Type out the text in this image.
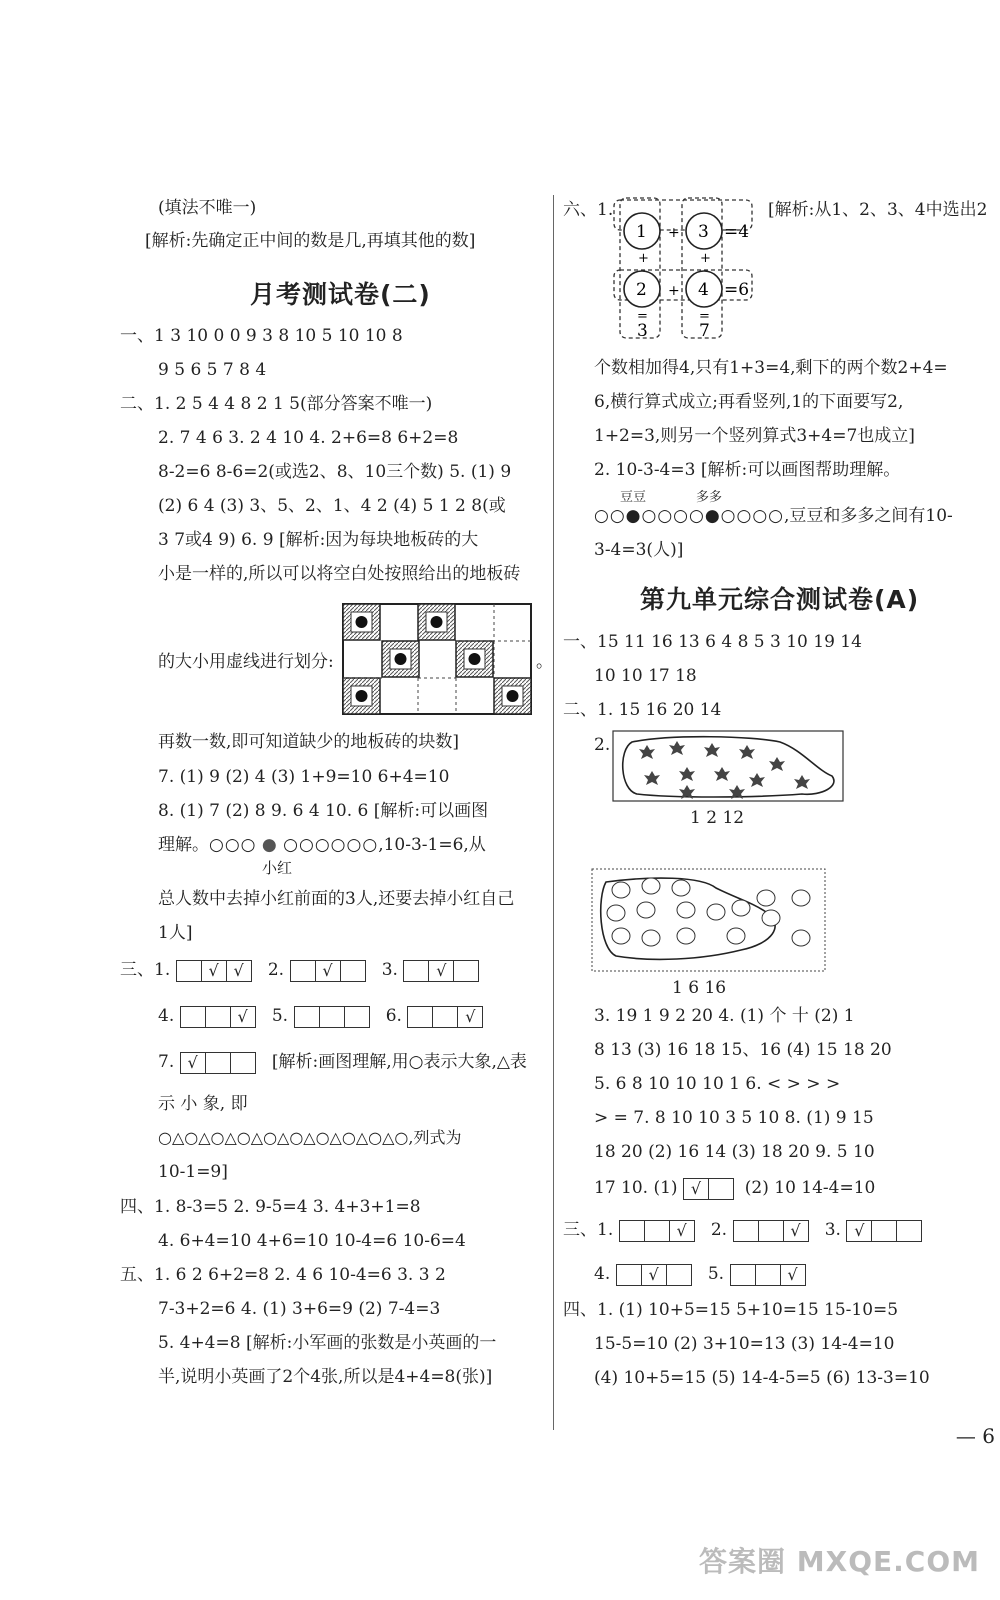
(填法不唯一)
[解析:先确定正中间的数是几,再填其他的数]
月考测试卷(二)
一、1 3 10 0 0 9 3 8 10 5 10 10 8
9 5 6 5 7 8 4
二、1. 2 5 4 4 8 2 1 5(部分答案不唯一)
2. 7 4 6 3. 2 4 10 4. 2+6=8 6+2=8
8-2=6 8-6=2(或选2、8、10三个数) 5. (1) 9
(2) 6 4 (3) 3、5、2、1、4 2 (4) 5 1 2 8(或
3 7或4 9) 6. 9 [解析:因为每块地板砖的大
小是一样的,所以可以将空白处按照给出的地板砖
的大小用虚线进行划分:	。
再数一数,即可知道缺少的地板砖的块数]
7. (1) 9 (2) 4 (3) 1+9=10 6+4=10
8. (1) 7 (2) 8 9. 6 4 10. 6 [解析:可以画图
理解。○○○ ● ○○○○○○,10-3-1=6,从
小红
总人数中去掉小红前面的3人,还要去掉小红自己
1人]
三、1. √ √ 2. √	3. √
4.	√ 5.	6.	√
7. √	[解析:画图理解,用○表示大象,△表
示 小 象, 即
○△○△○△○△○△○△○△○△○△○,列式为
10-1=9]
四、1. 8-3=5 2. 9-5=4 3. 4+3+1=8
4. 6+4=10 4+6=10 10-4=6 10-6=4
五、1. 6 2 6+2=8 2. 4 6 10-4=6 3. 3 2
7-3+2=6 4. (1) 3+6=9 (2) 7-4=3
5. 4+4=8 [解析:小军画的张数是小英画的一
半,说明小英画了2个4张,所以是4+4=8(张)]
六、1.	[解析:从1、2、3、4中选出2
1	3
2	4
+
+
=4
=6
+	+
=	=
3	7
个数相加得4,只有1+3=4,剩下的两个数2+4=
6,横行算式成立;再看竖列,1的下面要写2,
1+2=3,则另一个竖列算式3+4=7也成立]
2. 10-3-4=3 [解析:可以画图帮助理解。
豆豆	多多
○○●○○○○●○○○○,豆豆和多多之间有10-
3-4=3(人)]
第九单元综合测试卷(A)
一、15 11 16 13 6 4 8 5 3 10 19 14
10 10 17 18
二、1. 15 16 20 14
2.
1 2 12
1 6 16
3. 19 1 9 2 20 4. (1) 个 十 (2) 1
8 13 (3) 16 18 15、16 (4) 15 18 20
5. 6 8 10 10 10 1 6. < > > >
> = 7. 8 10 10 3 5 10 8. (1) 9 15
18 20 (2) 16 14 (3) 18 20 9. 5 10
17 10. (1) √	(2) 10 14-4=10
三、1.	√ 2.	√ 3. √
4. √	5.	√
四、1. (1) 10+5=15 5+10=15 15-10=5
15-5=10 (2) 3+10=13 (3) 14-4=10
(4) 10+5=15 (5) 14-4-5=5 (6) 13-3=10
— 6
答案圈 MXQE.COM
